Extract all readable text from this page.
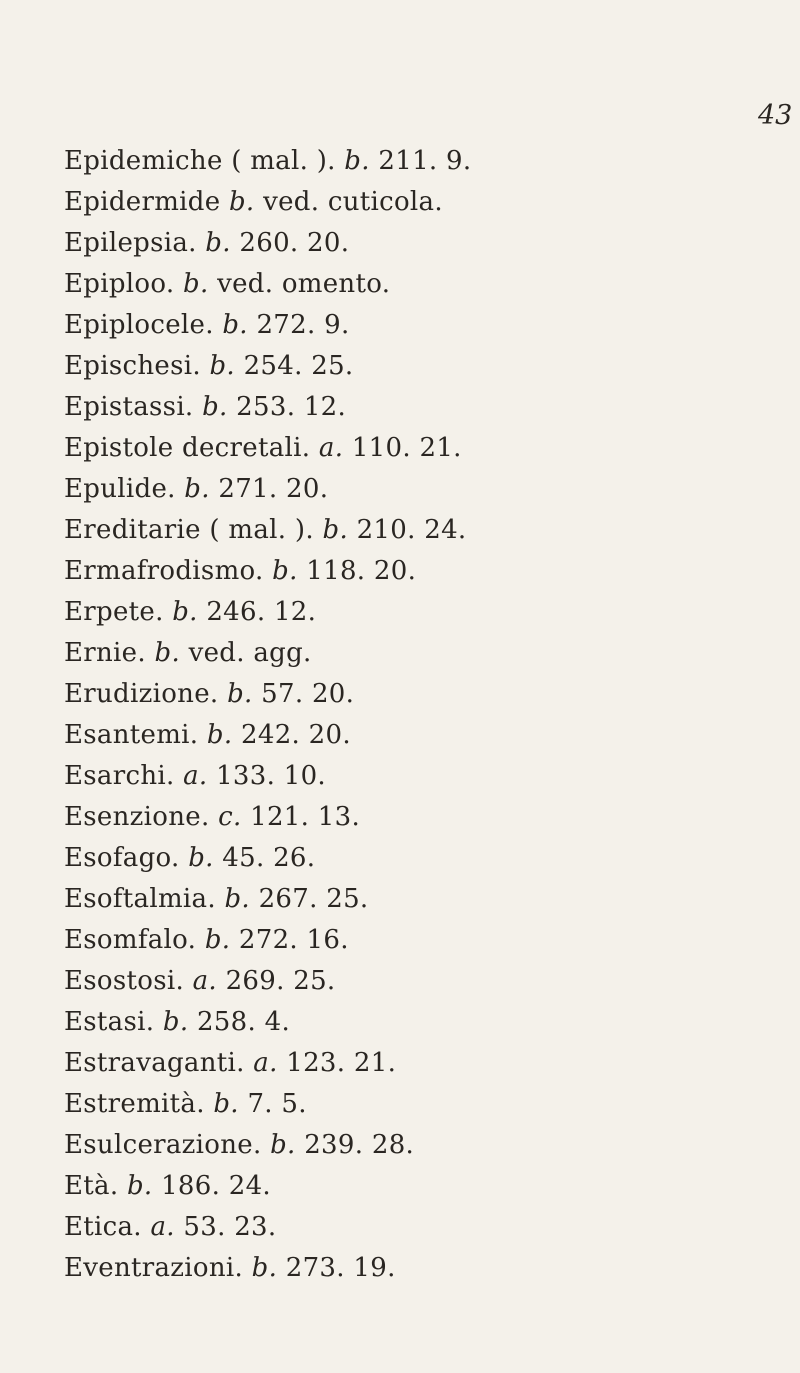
43
Epidemiche ( mal. ). b. 211. 9.
Epidermide b. ved. cuticola.
Epilepsia. b. 260. 20.
Epiploo. b. ved. omento.
Epiplocele. b. 272. 9.
Epischesi. b. 254. 25.
Epistassi. b. 253. 12.
Epistole decretali. a. 110. 21.
Epulide. b. 271. 20.
Ereditarie ( mal. ). b. 210. 24.
Ermafrodismo. b. 118. 20.
Erpete. b. 246. 12.
Ernie. b. ved. agg.
Erudizione. b. 57. 20.
Esantemi. b. 242. 20.
Esarchi. a. 133. 10.
Esenzione. c. 121. 13.
Esofago. b. 45. 26.
Esoftalmia. b. 267. 25.
Esomfalo. b. 272. 16.
Esostosi. a. 269. 25.
Estasi. b. 258. 4.
Estravaganti. a. 123. 21.
Estremità. b. 7. 5.
Esulcerazione. b. 239. 28.
Età. b. 186. 24.
Etica. a. 53. 23.
Eventrazioni. b. 273. 19.
